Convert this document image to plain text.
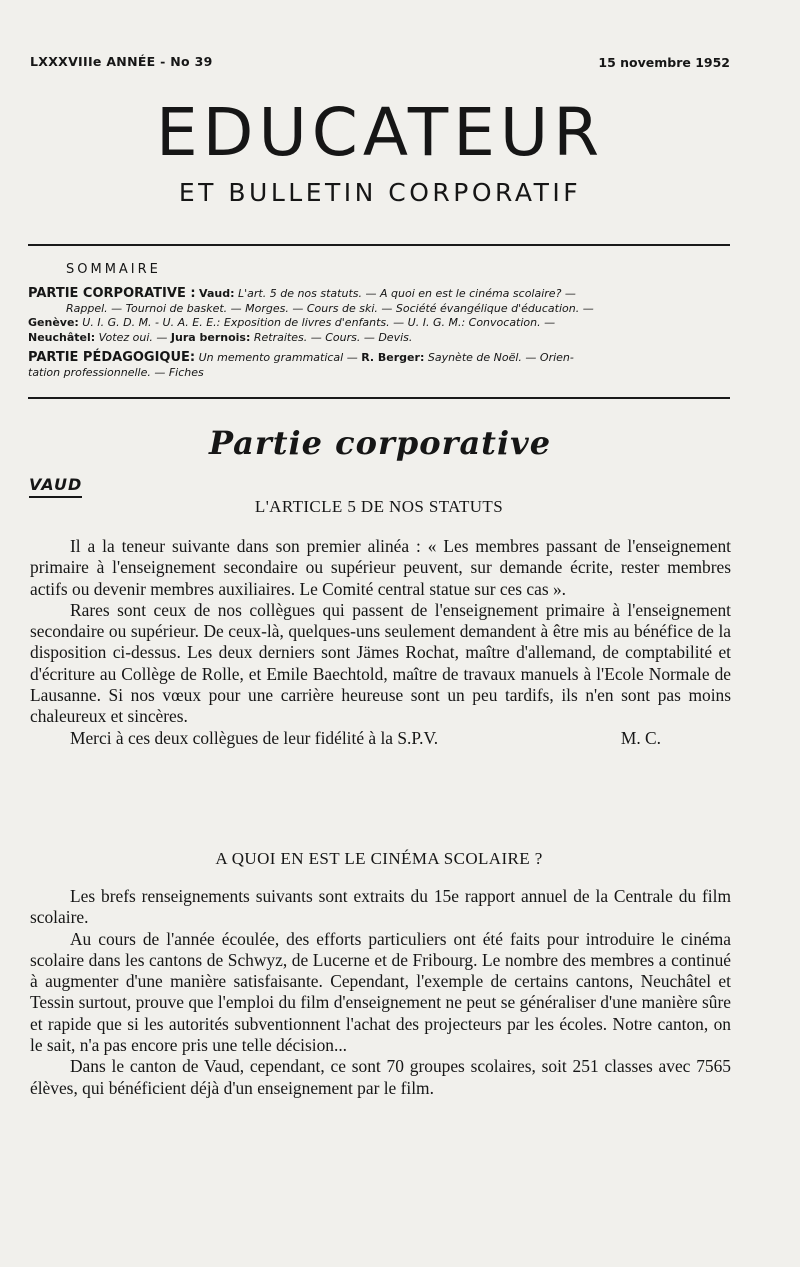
LXXXVIIIe ANNÉE - No 39	15 novembre 1952
EDUCATEUR
ET BULLETIN CORPORATIF
SOMMAIRE
PARTIE CORPORATIVE : Vaud: L'art. 5 de nos statuts. — A quoi en est le cinéma scolaire? —
Rappel. — Tournoi de basket. — Morges. — Cours de ski. — Société évangélique d'éducation. —
Genève: U. I. G. D. M. - U. A. E. E.: Exposition de livres d'enfants. — U. I. G. M.: Convocation. —
Neuchâtel: Votez oui. — Jura bernois: Retraites. — Cours. — Devis.
PARTIE PÉDAGOGIQUE: Un memento grammatical — R. Berger: Saynète de Noël. — Orien-
tation professionnelle. — Fiches
Partie corporative
VAUD
L'ARTICLE 5 DE NOS STATUTS

Il a la teneur suivante dans son premier alinéa : « Les membres passant de l'enseignement primaire à l'enseignement secondaire ou supérieur peuvent, sur demande écrite, rester membres actifs ou devenir membres auxiliaires. Le Comité central statue sur ces cas ».

Rares sont ceux de nos collègues qui passent de l'enseignement primaire à l'enseignement secondaire ou supérieur. De ceux-là, quelques-uns seulement demandent à être mis au bénéfice de la disposition ci-dessus. Les deux derniers sont Jämes Rochat, maître d'allemand, de comptabilité et d'écriture au Collège de Rolle, et Emile Baechtold, maître de travaux manuels à l'Ecole Normale de Lausanne. Si nos vœux pour une carrière heureuse sont un peu tardifs, ils n'en sont pas moins chaleureux et sincères.

Merci à ces deux collègues de leur fidélité à la S.P.V.	M. C.

A QUOI EN EST LE CINÉMA SCOLAIRE ?

Les brefs renseignements suivants sont extraits du 15e rapport annuel de la Centrale du film scolaire.

Au cours de l'année écoulée, des efforts particuliers ont été faits pour introduire le cinéma scolaire dans les cantons de Schwyz, de Lucerne et de Fribourg. Le nombre des membres a continué à augmenter d'une manière satisfaisante. Cependant, l'exemple de certains cantons, Neuchâtel et Tessin surtout, prouve que l'emploi du film d'enseignement ne peut se généraliser d'une manière sûre et rapide que si les autorités subventionnent l'achat des projecteurs par les écoles. Notre canton, on le sait, n'a pas encore pris une telle décision...

Dans le canton de Vaud, cependant, ce sont 70 groupes scolaires, soit 251 classes avec 7565 élèves, qui bénéficient déjà d'un enseignement par le film.
